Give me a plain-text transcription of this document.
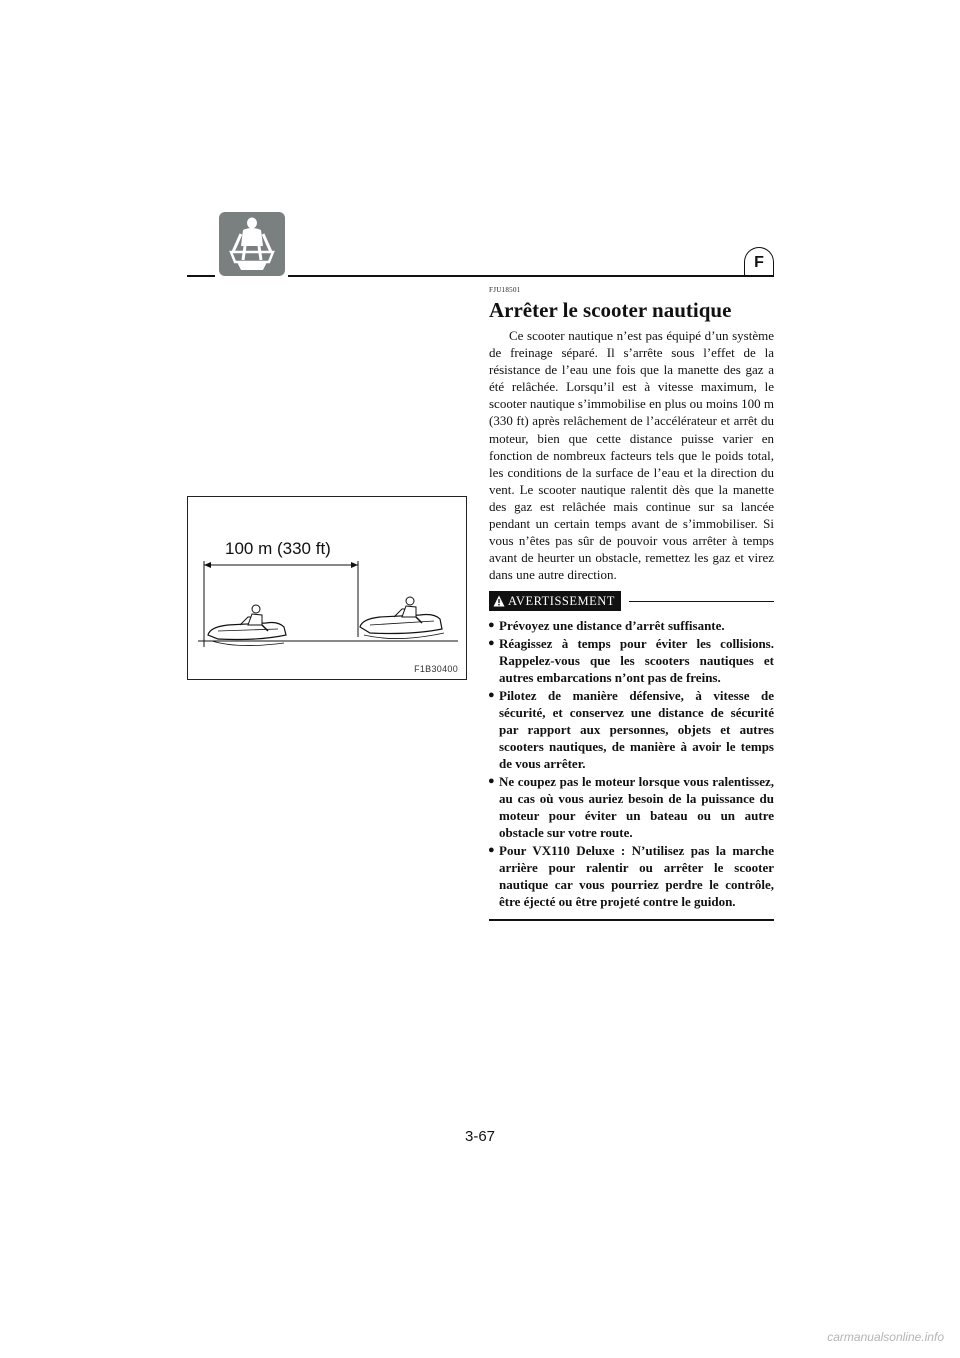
F
100 m (330 ft)
F1B30400
FJU18501
Arrêter le scooter nautique

Ce scooter nautique n’est pas équipé d’un système de freinage séparé. Il s’arrête sous l’effet de la résistance de l’eau une fois que la manette des gaz a été relâchée. Lorsqu’il est à vitesse maximum, le scooter nautique s’immobilise en plus ou moins 100 m (330 ft) après relâchement de l’accélérateur et arrêt du moteur, bien que cette distance puisse varier en fonction de nombreux facteurs tels que le poids total, les conditions de la surface de l’eau et la direction du vent. Le scooter nautique ralentit dès que la manette des gaz est relâchée mais continue sur sa lancée pendant un certain temps avant de s’immobiliser. Si vous n’êtes pas sûr de pouvoir vous arrêter à temps avant de heurter un obstacle, remettez les gaz et virez dans une autre direction.

AVERTISSEMENT
● Prévoyez une distance d’arrêt suffisante.
● Réagissez à temps pour éviter les collisions. Rappelez-vous que les scooters nautiques et autres embarcations n’ont pas de freins.
● Pilotez de manière défensive, à vitesse de sécurité, et conservez une distance de sécurité par rapport aux personnes, objets et autres scooters nautiques, de manière à avoir le temps de vous arrêter.
● Ne coupez pas le moteur lorsque vous ralentissez, au cas où vous auriez besoin de la puissance du moteur pour éviter un bateau ou un autre obstacle sur votre route.
● Pour VX110 Deluxe : N’utilisez pas la marche arrière pour ralentir ou arrêter le scooter nautique car vous pourriez perdre le contrôle, être éjecté ou être projeté contre le guidon.
3-67
carmanualsonline.info
